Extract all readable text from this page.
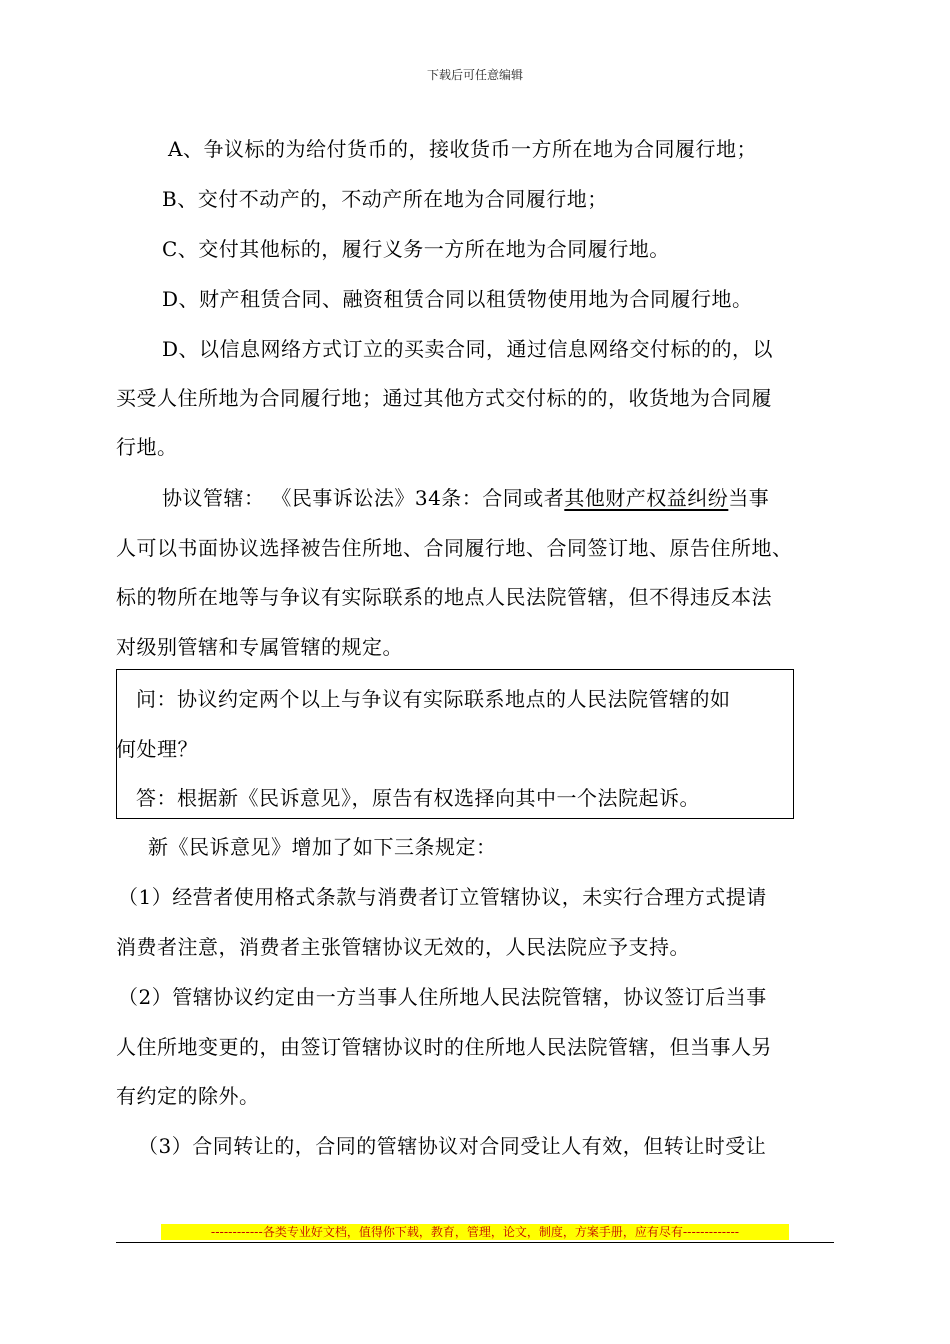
下载后可任意编辑
A、争议标的为给付货币的，接收货币一方所在地为合同履行地；
B、交付不动产的，不动产所在地为合同履行地；
C、交付其他标的，履行义务一方所在地为合同履行地。
D、财产租赁合同、融资租赁合同以租赁物使用地为合同履行地。
D、以信息网络方式订立的买卖合同，通过信息网络交付标的的，以
买受人住所地为合同履行地；通过其他方式交付标的的，收货地为合同履
行地。
协议管辖： 《民事诉讼法》34条：合同或者其他财产权益纠纷当事
人可以书面协议选择被告住所地、合同履行地、合同签订地、原告住所地、
标的物所在地等与争议有实际联系的地点人民法院管辖，但不得违反本法
对级别管辖和专属管辖的规定。
问：协议约定两个以上与争议有实际联系地点的人民法院管辖的如
何处理？
答：根据新《民诉意见》，原告有权选择向其中一个法院起诉。
新《民诉意见》增加了如下三条规定：
（1）经营者使用格式条款与消费者订立管辖协议，未实行合理方式提请
消费者注意，消费者主张管辖协议无效的，人民法院应予支持。
（2）管辖协议约定由一方当事人住所地人民法院管辖，协议签订后当事
人住所地变更的，由签订管辖协议时的住所地人民法院管辖，但当事人另
有约定的除外。
（3）合同转让的，合同的管辖协议对合同受让人有效，但转让时受让
------------各类专业好文档，值得你下载，教育，管理，论文，制度，方案手册，应有尽有-------------
